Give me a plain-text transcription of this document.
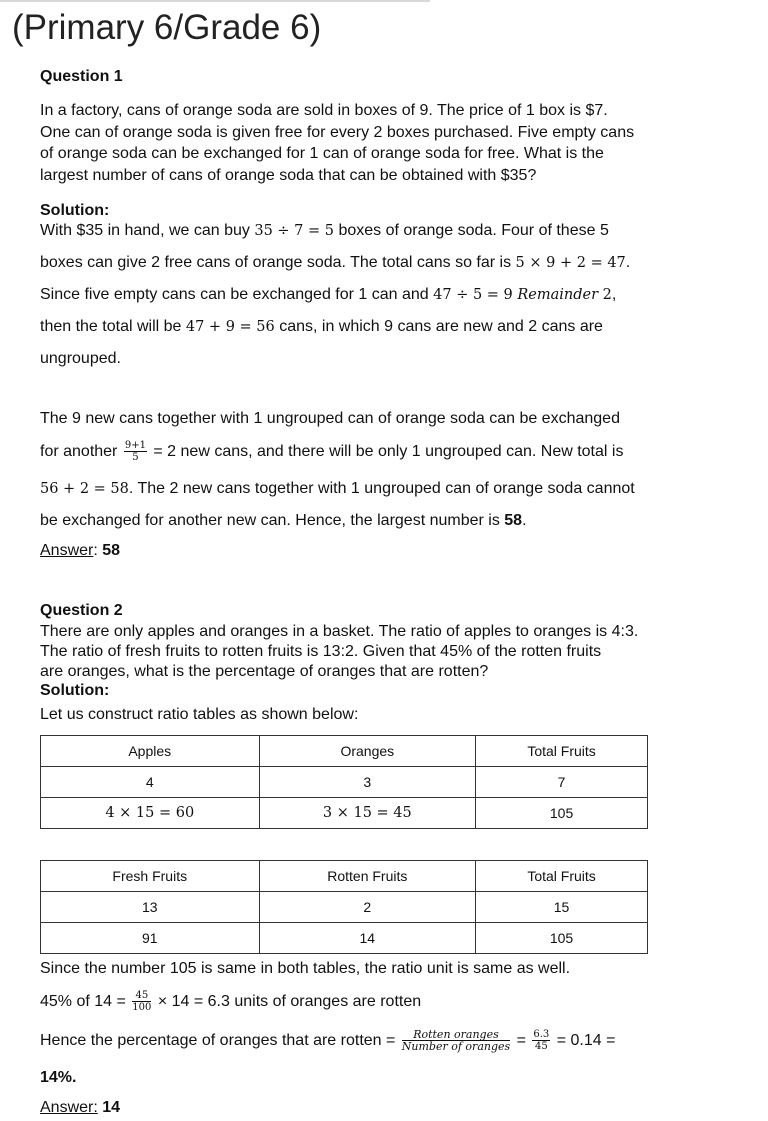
(Primary 6/Grade 6)
Question 1
In a factory, cans of orange soda are sold in boxes of 9. The price of 1 box is $7.
One can of orange soda is given free for every 2 boxes purchased. Five empty cans
of orange soda can be exchanged for 1 can of orange soda for free. What is the
largest number of cans of orange soda that can be obtained with $35?
Solution:
With $35 in hand, we can buy 35 ÷ 7 = 5 boxes of orange soda. Four of these 5
boxes can give 2 free cans of orange soda. The total cans so far is 5 × 9 + 2 = 47.
Since five empty cans can be exchanged for 1 can and 47 ÷ 5 = 9 Remainder 2,
then the total will be 47 + 9 = 56 cans, in which 9 cans are new and 2 cans are
ungrouped.
The 9 new cans together with 1 ungrouped can of orange soda can be exchanged
for another $\frac{9+1}{5} = 2$ new cans, and there will be only 1 ungrouped can. New total is
56 + 2 = 58. The 2 new cans together with 1 ungrouped can of orange soda cannot
be exchanged for another new can. Hence, the largest number is 58.
Answer: 58
Question 2
There are only apples and oranges in a basket. The ratio of apples to oranges is 4:3.
The ratio of fresh fruits to rotten fruits is 13:2. Given that 45% of the rotten fruits
are oranges, what is the percentage of oranges that are rotten?
Solution:
Let us construct ratio tables as shown below:
Apples	Oranges	Total Fruits
4	3	7
4 × 15 = 60	3 × 15 = 45	105
Fresh Fruits	Rotten Fruits	Total Fruits
13	2	15
91	14	105
Since the number 105 is same in both tables, the ratio unit is same as well.
45% of $14 = \frac{45}{100} \times 14 = 6.3$ units of oranges are rotten
Hence the percentage of oranges that are rotten = $\frac{\text{Rotten oranges}}{\text{Number of oranges}} = \frac{6.3}{45} = 0.14$ =
14%.
Answer: 14
